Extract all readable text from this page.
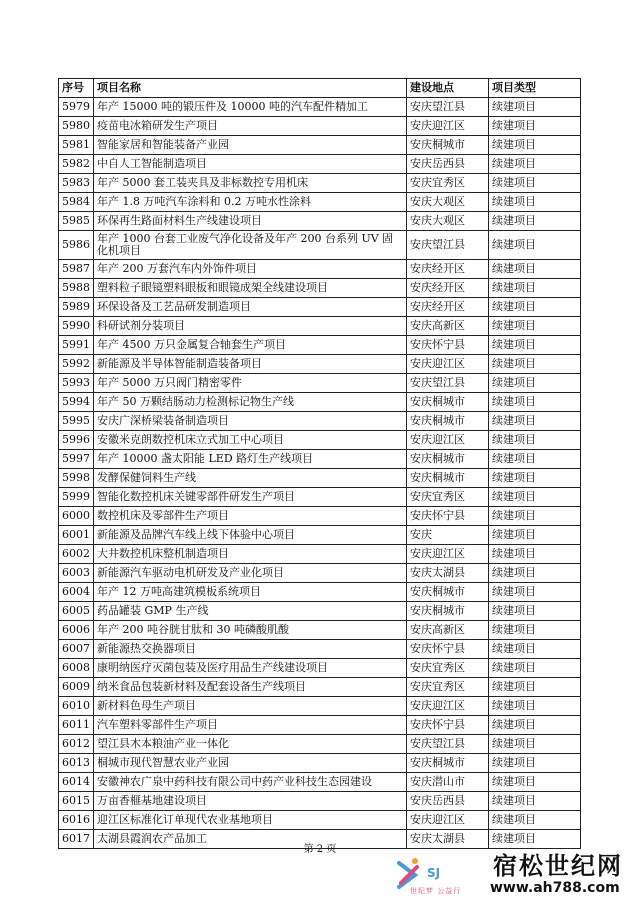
序号	项目名称	建设地点	项目类型
5979	年产 15000 吨的锻压件及 10000 吨的汽车配件精加工	安庆望江县	续建项目
5980	疫苗电冰箱研发生产项目	安庆迎江区	续建项目
5981	智能家居和智能装备产业园	安庆桐城市	续建项目
5982	中自人工智能制造项目	安庆岳西县	续建项目
5983	年产 5000 套工装夹具及非标数控专用机床	安庆宜秀区	续建项目
5984	年产 1.8 万吨汽车涂料和 0.2 万吨水性涂料	安庆大观区	续建项目
5985	环保再生路面材料生产线建设项目	安庆大观区	续建项目
5986	年产 1000 台套工业废气净化设备及年产 200 台系列 UV 固化机项目	安庆望江县	续建项目
5987	年产 200 万套汽车内外饰件项目	安庆经开区	续建项目
5988	塑料粒子眼镜塑料眼板和眼镜成架全线建设项目	安庆经开区	续建项目
5989	环保设备及工艺品研发制造项目	安庆经开区	续建项目
5990	科研试剂分装项目	安庆高新区	续建项目
5991	年产 4500 万只金属复合轴套生产项目	安庆怀宁县	续建项目
5992	新能源及半导体智能制造装备项目	安庆迎江区	续建项目
5993	年产 5000 万只阀门精密零件	安庆望江县	续建项目
5994	年产 50 万颗结肠动力检测标记物生产线	安庆桐城市	续建项目
5995	安庆广深桥梁装备制造项目	安庆桐城市	续建项目
5996	安徽米克朗数控机床立式加工中心项目	安庆迎江区	续建项目
5997	年产 10000 盏太阳能 LED 路灯生产线项目	安庆桐城市	续建项目
5998	发酵保健饲料生产线	安庆桐城市	续建项目
5999	智能化数控机床关键零部件研发生产项目	安庆宜秀区	续建项目
6000	数控机床及零部件生产项目	安庆怀宁县	续建项目
6001	新能源及品牌汽车线上线下体验中心项目	安庆	续建项目
6002	大井数控机床整机制造项目	安庆迎江区	续建项目
6003	新能源汽车驱动电机研发及产业化项目	安庆太湖县	续建项目
6004	年产 12 万吨高建筑模板系统项目	安庆桐城市	续建项目
6005	药品罐装 GMP 生产线	安庆桐城市	续建项目
6006	年产 200 吨谷胱甘肽和 30 吨磷酸肌酸	安庆高新区	续建项目
6007	新能源热交换器项目	安庆怀宁县	续建项目
6008	康明纳医疗灭菌包装及医疗用品生产线建设项目	安庆宜秀区	续建项目
6009	纳米食品包装新材料及配套设备生产线项目	安庆宜秀区	续建项目
6010	新材料色母生产项目	安庆迎江区	续建项目
6011	汽车塑料零部件生产项目	安庆怀宁县	续建项目
6012	望江县木本粮油产业一体化	安庆望江县	续建项目
6013	桐城市现代智慧农业产业园	安庆桐城市	续建项目
6014	安徽神农广泉中药科技有限公司中药产业科技生态园建设	安庆潜山市	续建项目
6015	万亩香榧基地建设项目	安庆岳西县	续建项目
6016	迎江区标准化订单现代农业基地项目	安庆迎江区	续建项目
6017	太湖县霞润农产品加工	安庆太湖县	续建项目
第 2 页
SJ
世纪梦 公益行
宿松世纪网
www.ah788.com
